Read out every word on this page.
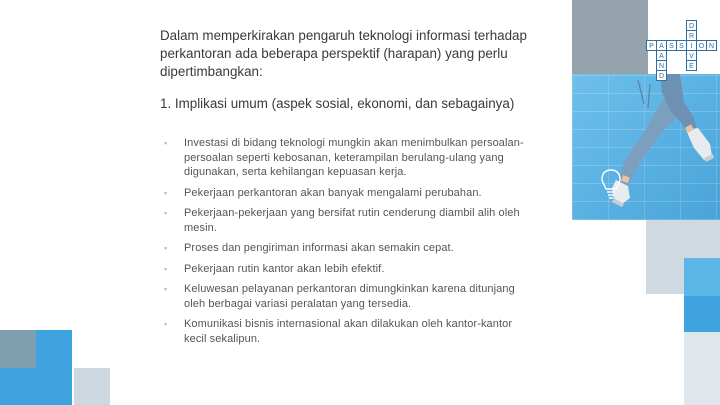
P A S S I O N
A
N
D
D
R
V
E
Dalam memperkirakan pengaruh teknologi informasi terhadap perkantoran ada beberapa perspektif (harapan) yang perlu dipertimbangkan:
1. Implikasi umum (aspek sosial, ekonomi, dan sebagainya)
▪ Investasi di bidang teknologi mungkin akan menimbulkan persoalan-persoalan seperti kebosanan, keterampilan berulang-ulang yang digunakan, serta kehilangan kepuasan kerja.
▪ Pekerjaan perkantoran akan banyak mengalami perubahan.
▪ Pekerjaan-pekerjaan yang bersifat rutin cenderung diambil alih oleh mesin.
▪ Proses dan pengiriman informasi akan semakin cepat.
▪ Pekerjaan rutin kantor akan lebih efektif.
▪ Keluwesan pelayanan perkantoran dimungkinkan karena ditunjang oleh berbagai variasi peralatan yang tersedia.
▪ Komunikasi bisnis internasional akan dilakukan oleh kantor-kantor kecil sekalipun.
